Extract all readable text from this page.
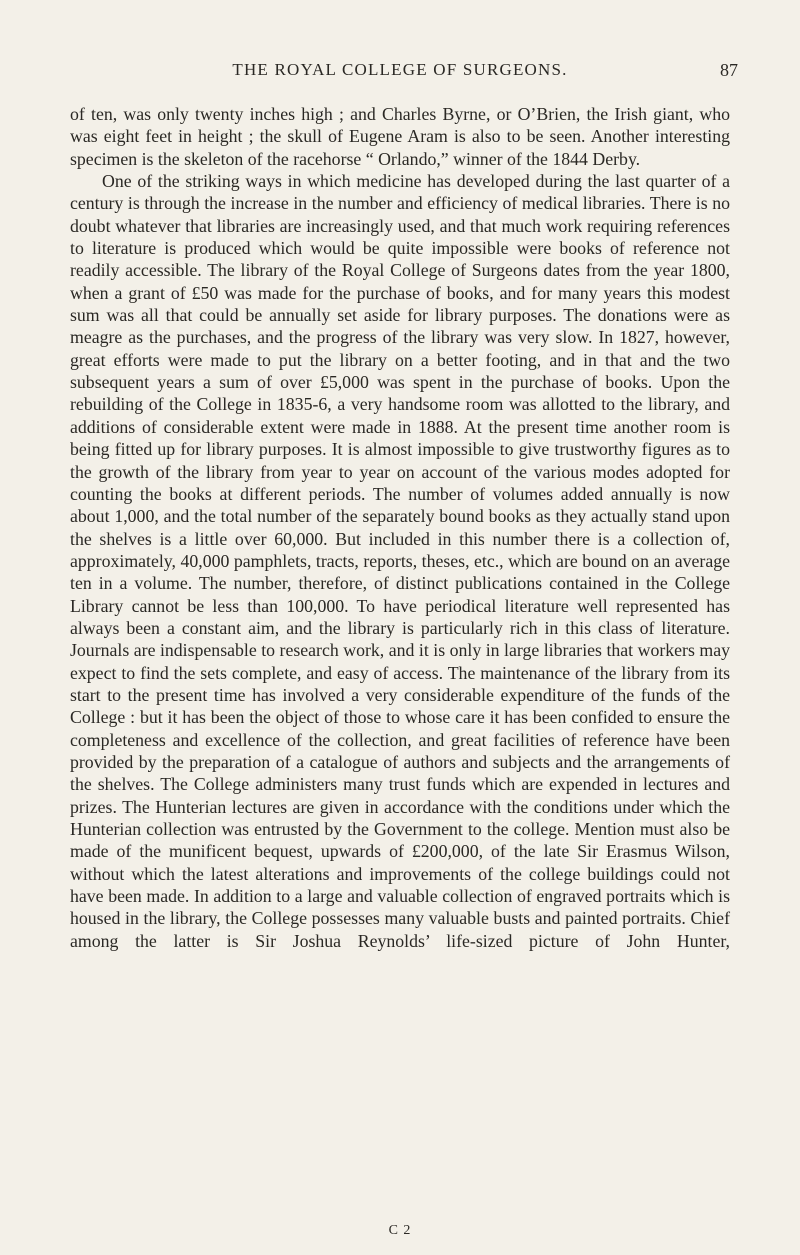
THE ROYAL COLLEGE OF SURGEONS.	87

of ten, was only twenty inches high ; and Charles Byrne, or O’Brien, the Irish giant, who was eight feet in height ; the skull of Eugene Aram is also to be seen. Another interesting specimen is the skeleton of the racehorse “ Orlando,” winner of the 1844 Derby.

One of the striking ways in which medicine has developed during the last quarter of a century is through the increase in the number and efficiency of medical libraries. There is no doubt whatever that libraries are increasingly used, and that much work requiring references to literature is produced which would be quite impossible were books of reference not readily accessible. The library of the Royal College of Surgeons dates from the year 1800, when a grant of £50 was made for the purchase of books, and for many years this modest sum was all that could be annually set aside for library purposes. The donations were as meagre as the purchases, and the progress of the library was very slow. In 1827, however, great efforts were made to put the library on a better footing, and in that and the two subsequent years a sum of over £5,000 was spent in the purchase of books. Upon the rebuilding of the College in 1835-6, a very handsome room was allotted to the library, and additions of considerable extent were made in 1888. At the present time another room is being fitted up for library purposes. It is almost impossible to give trustworthy figures as to the growth of the library from year to year on account of the various modes adopted for counting the books at different periods. The number of volumes added annually is now about 1,000, and the total number of the separately bound books as they actually stand upon the shelves is a little over 60,000. But included in this number there is a collection of, approximately, 40,000 pamphlets, tracts, reports, theses, etc., which are bound on an average ten in a volume. The number, therefore, of distinct publications contained in the College Library cannot be less than 100,000. To have periodical literature well represented has always been a constant aim, and the library is particularly rich in this class of literature. Journals are indispensable to research work, and it is only in large libraries that workers may expect to find the sets complete, and easy of access. The maintenance of the library from its start to the present time has involved a very considerable expenditure of the funds of the College : but it has been the object of those to whose care it has been confided to ensure the completeness and excellence of the collection, and great facilities of reference have been provided by the preparation of a catalogue of authors and subjects and the arrangements of the shelves. The College administers many trust funds which are expended in lectures and prizes. The Hunterian lectures are given in accordance with the conditions under which the Hunterian collection was entrusted by the Government to the college. Mention must also be made of the munificent bequest, upwards of £200,000, of the late Sir Erasmus Wilson, without which the latest alterations and improvements of the college buildings could not have been made. In addition to a large and valuable collection of engraved portraits which is housed in the library, the College possesses many valuable busts and painted portraits. Chief among the latter is Sir Joshua Reynolds’ life-sized picture of John Hunter,

C 2
